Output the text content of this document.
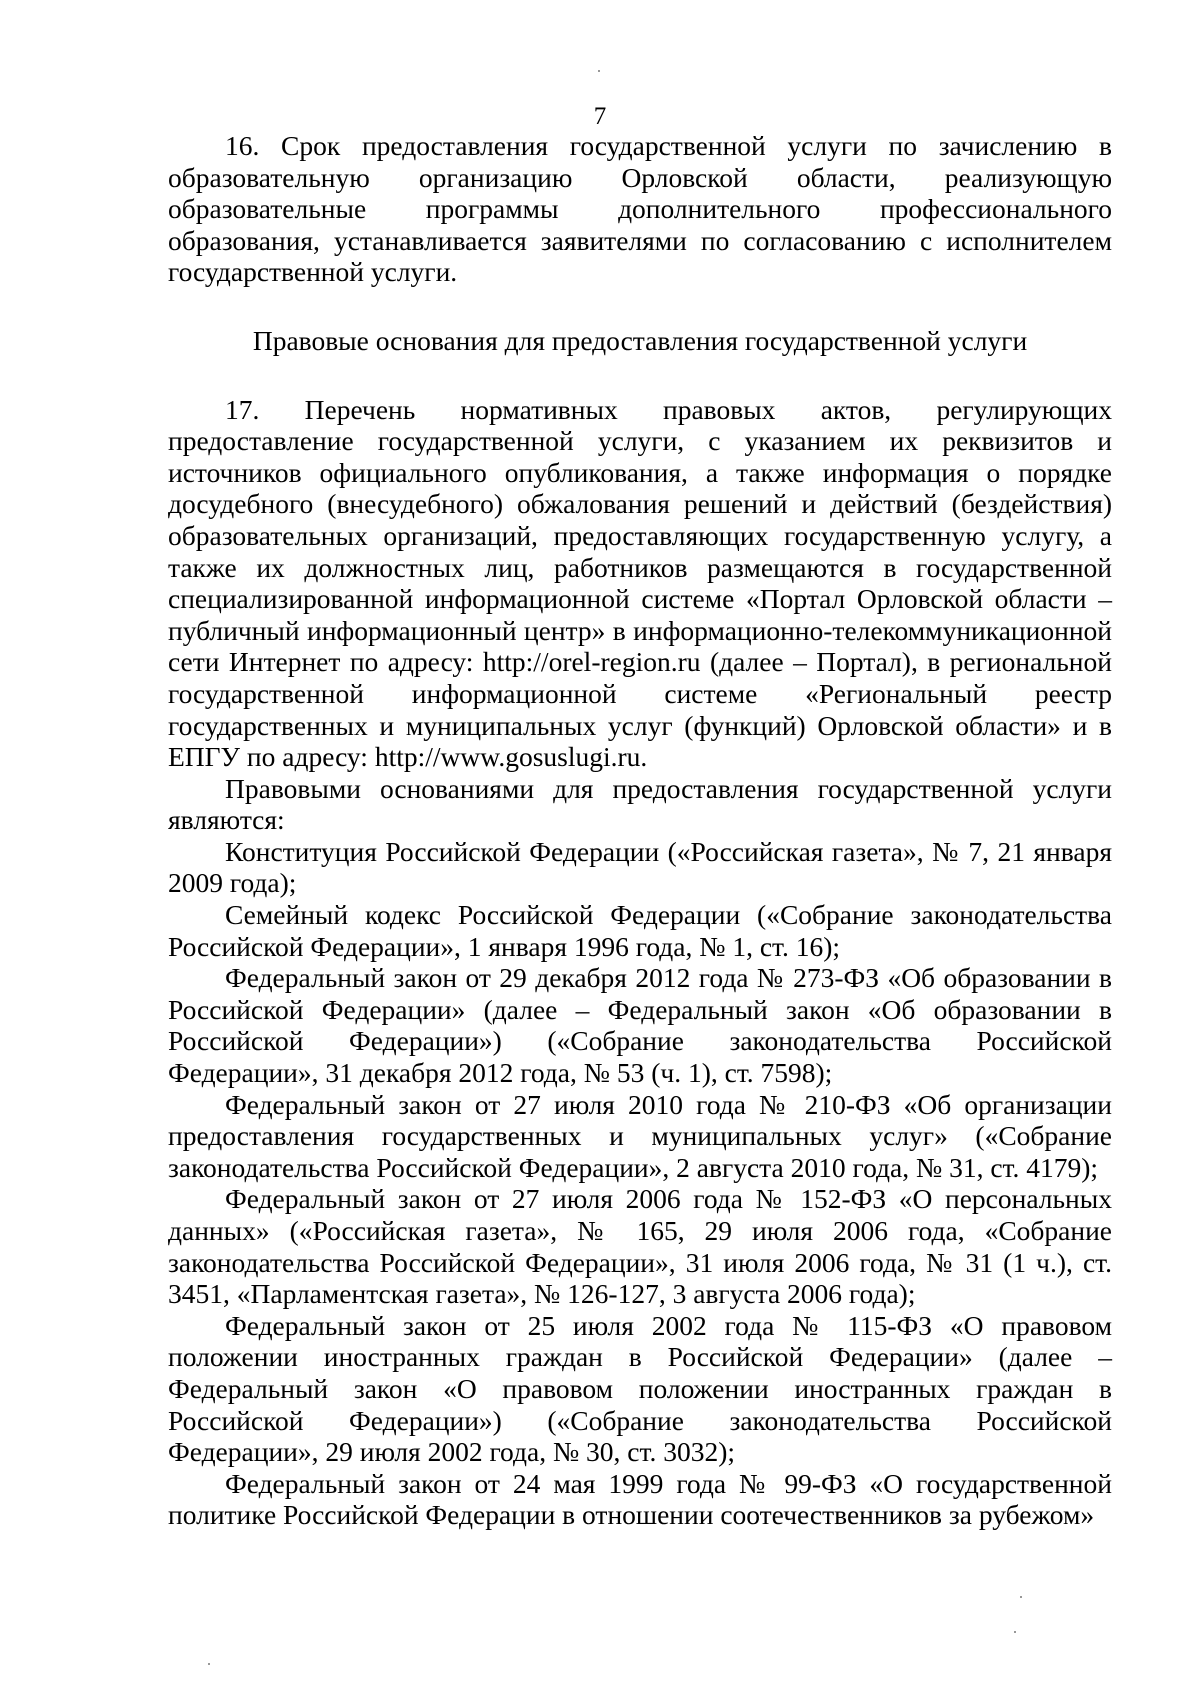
7

16. Срок предоставления государственной услуги по зачислению в образовательную организацию Орловской области, реализующую образовательные программы дополнительного профессионального образования, устанавливается заявителями по согласованию с исполнителем государственной услуги.

Правовые основания для предоставления государственной услуги

17. Перечень нормативных правовых актов, регулирующих предоставление государственной услуги, с указанием их реквизитов и источников официального опубликования, а также информация о порядке досудебного (внесудебного) обжалования решений и действий (бездействия) образовательных организаций, предоставляющих государственную услугу, а также их должностных лиц, работников размещаются в государственной специализированной информационной системе «Портал Орловской области – публичный информационный центр» в информационно-телекоммуникационной сети Интернет по адресу: http://orel-region.ru (далее – Портал), в региональной государственной информационной системе «Региональный реестр государственных и муниципальных услуг (функций) Орловской области» и в ЕПГУ по адресу: http://www.gosuslugi.ru.

Правовыми основаниями для предоставления государственной услуги являются:

Конституция Российской Федерации («Российская газета», № 7, 21 января 2009 года);

Семейный кодекс Российской Федерации («Собрание законодательства Российской Федерации», 1 января 1996 года, № 1, ст. 16);

Федеральный закон от 29 декабря 2012 года № 273-ФЗ «Об образовании в Российской Федерации» (далее – Федеральный закон «Об образовании в Российской Федерации») («Собрание законодательства Российской Федерации», 31 декабря 2012 года, № 53 (ч. 1), ст. 7598);

Федеральный закон от 27 июля 2010 года № 210-ФЗ «Об организации предоставления государственных и муниципальных услуг» («Собрание законодательства Российской Федерации», 2 августа 2010 года, № 31, ст. 4179);

Федеральный закон от 27 июля 2006 года № 152-ФЗ «О персональных данных» («Российская газета», № 165, 29 июля 2006 года, «Собрание законодательства Российской Федерации», 31 июля 2006 года, № 31 (1 ч.), ст. 3451, «Парламентская газета», № 126-127, 3 августа 2006 года);

Федеральный закон от 25 июля 2002 года № 115-ФЗ «О правовом положении иностранных граждан в Российской Федерации» (далее – Федеральный закон «О правовом положении иностранных граждан в Российской Федерации») («Собрание законодательства Российской Федерации», 29 июля 2002 года, № 30, ст. 3032);

Федеральный закон от 24 мая 1999 года № 99-ФЗ «О государственной политике Российской Федерации в отношении соотечественников за рубежом»
